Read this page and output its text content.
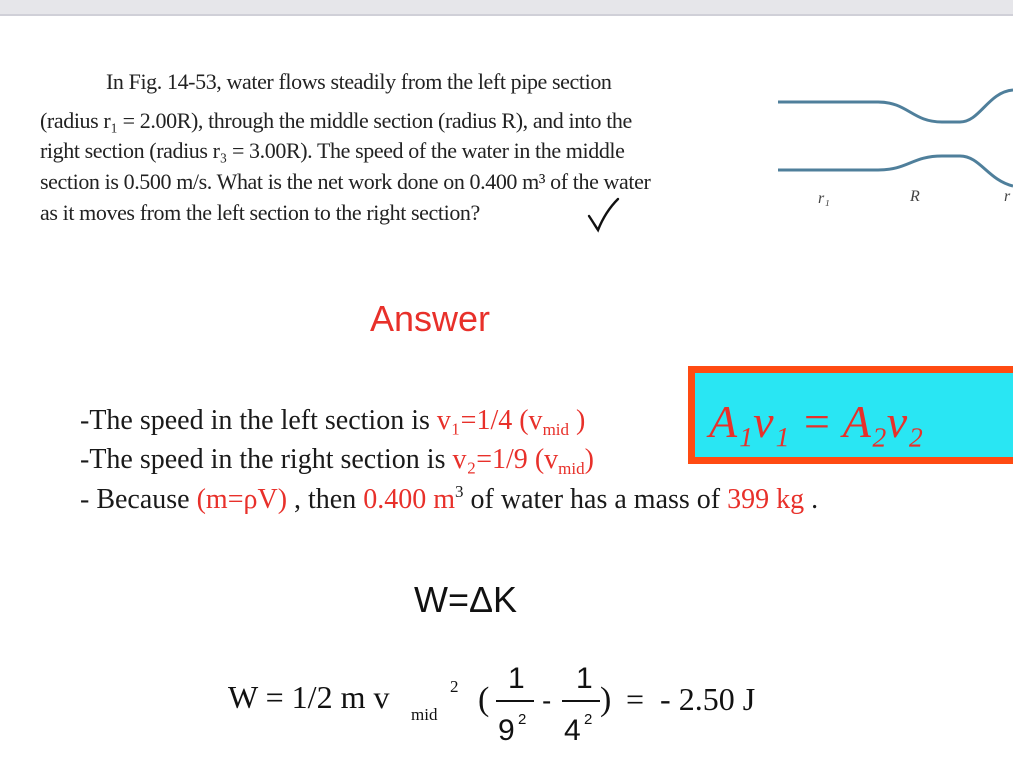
In Fig. 14-53, water flows steadily from the left pipe section
(radius r₁ = 2.00R), through the middle section (radius R), and into the
right section (radius r₃ = 3.00R). The speed of the water in the middle
section is 0.500 m/s. What is the net work done on 0.400 m³ of the water
as it moves from the left section to the right section?
r₁	R	r
Answer
A₁v₁ = A₂v₂
-The speed in the left section is v₁=1/4 ($v_{mid}$ )
-The speed in the right section is v₂=1/9 $(v_{mid})$
- Because (m=ρV) , then 0.400 $m^3$ of water has a mass of 399 kg .
W=ΔK
W = 1/2 m v mid
2 (
1
9 2
-
1
4 2
) =  - 2.50 J
